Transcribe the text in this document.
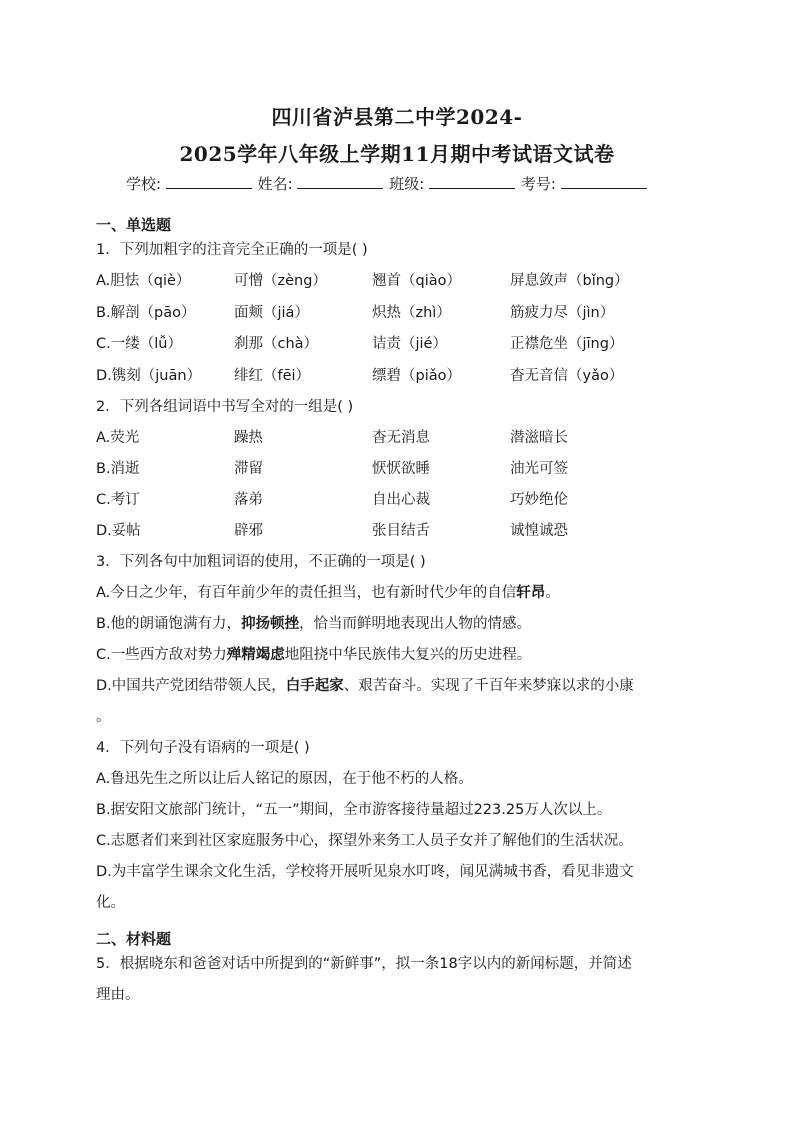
四川省泸县第二中学2024-
2025学年八年级上学期11月期中考试语文试卷
学校:	姓名:	班级:	考号:
一、单选题
1．下列加粗字的注音完全正确的一项是( )
A.胆怯（qiè）	可憎（zèng）	翘首（qiào）	屏息敛声（bǐng）
B.解剖（pāo）	面颊（jiá）	炽热（zhì）	筋疲力尽（jìn）
C.一缕（lǚ）	刹那（chà）	诘责（jié）	正襟危坐（jīng）
D.镌刻（juān） 绯红（fēi）	缥碧（piǎo）	杳无音信（yǎo）
2．下列各组词语中书写全对的一组是( )
A.荧光	躁热	杳无消息	潜滋暗长
B.消逝	滞留	恹恹欲睡	油光可签
C.考订	落弟	自出心裁	巧妙绝伦
D.妥帖	辟邪	张目结舌	诚惶诚恐
3．下列各句中加粗词语的使用，不正确的一项是( )
A.今日之少年，有百年前少年的责任担当，也有新时代少年的自信轩昂。
B.他的朗诵饱满有力，抑扬顿挫，恰当而鲜明地表现出人物的情感。
C.一些西方敌对势力殚精竭虑地阻挠中华民族伟大复兴的历史进程。
D.中国共产党团结带领人民，白手起家、艰苦奋斗。实现了千百年来梦寐以求的小康
。
4．下列句子没有语病的一项是( )
A.鲁迅先生之所以让后人铭记的原因，在于他不朽的人格。
B.据安阳文旅部门统计，“五一”期间，全市游客接待量超过223.25万人次以上。
C.志愿者们来到社区家庭服务中心，探望外来务工人员子女并了解他们的生活状况。
D.为丰富学生课余文化生活，学校将开展听见泉水叮咚，闻见满城书香，看见非遗文
化。
二、材料题
5．根据晓东和爸爸对话中所提到的“新鲜事”，拟一条18字以内的新闻标题，并简述
理由。
